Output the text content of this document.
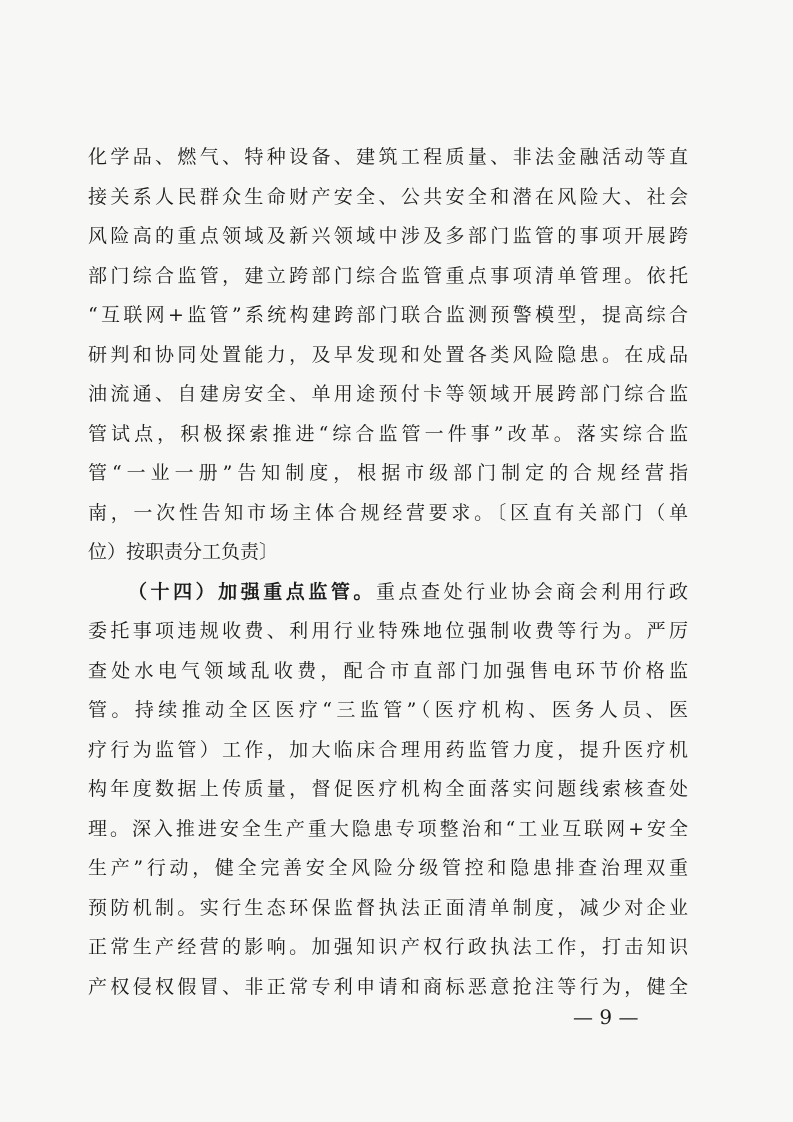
化学品、燃气、特种设备、建筑工程质量、非法金融活动等直
接关系人民群众生命财产安全、公共安全和潜在风险大、社会
风险高的重点领域及新兴领域中涉及多部门监管的事项开展跨
部门综合监管，建立跨部门综合监管重点事项清单管理。依托
“互联网+监管”系统构建跨部门联合监测预警模型，提高综合
研判和协同处置能力，及早发现和处置各类风险隐患。在成品
油流通、自建房安全、单用途预付卡等领域开展跨部门综合监
管试点，积极探索推进“综合监管一件事”改革。落实综合监
管“一业一册”告知制度，根据市级部门制定的合规经营指
南，一次性告知市场主体合规经营要求。〔区直有关部门（单
位）按职责分工负责〕
（十四）加强重点监管。重点查处行业协会商会利用行政
委托事项违规收费、利用行业特殊地位强制收费等行为。严厉
查处水电气领域乱收费，配合市直部门加强售电环节价格监
管。持续推动全区医疗“三监管”（医疗机构、医务人员、医
疗行为监管）工作，加大临床合理用药监管力度，提升医疗机
构年度数据上传质量，督促医疗机构全面落实问题线索核查处
理。深入推进安全生产重大隐患专项整治和“工业互联网+安全
生产”行动，健全完善安全风险分级管控和隐患排查治理双重
预防机制。实行生态环保监督执法正面清单制度，减少对企业
正常生产经营的影响。加强知识产权行政执法工作，打击知识
产权侵权假冒、非正常专利申请和商标恶意抢注等行为，健全
— 9 —
